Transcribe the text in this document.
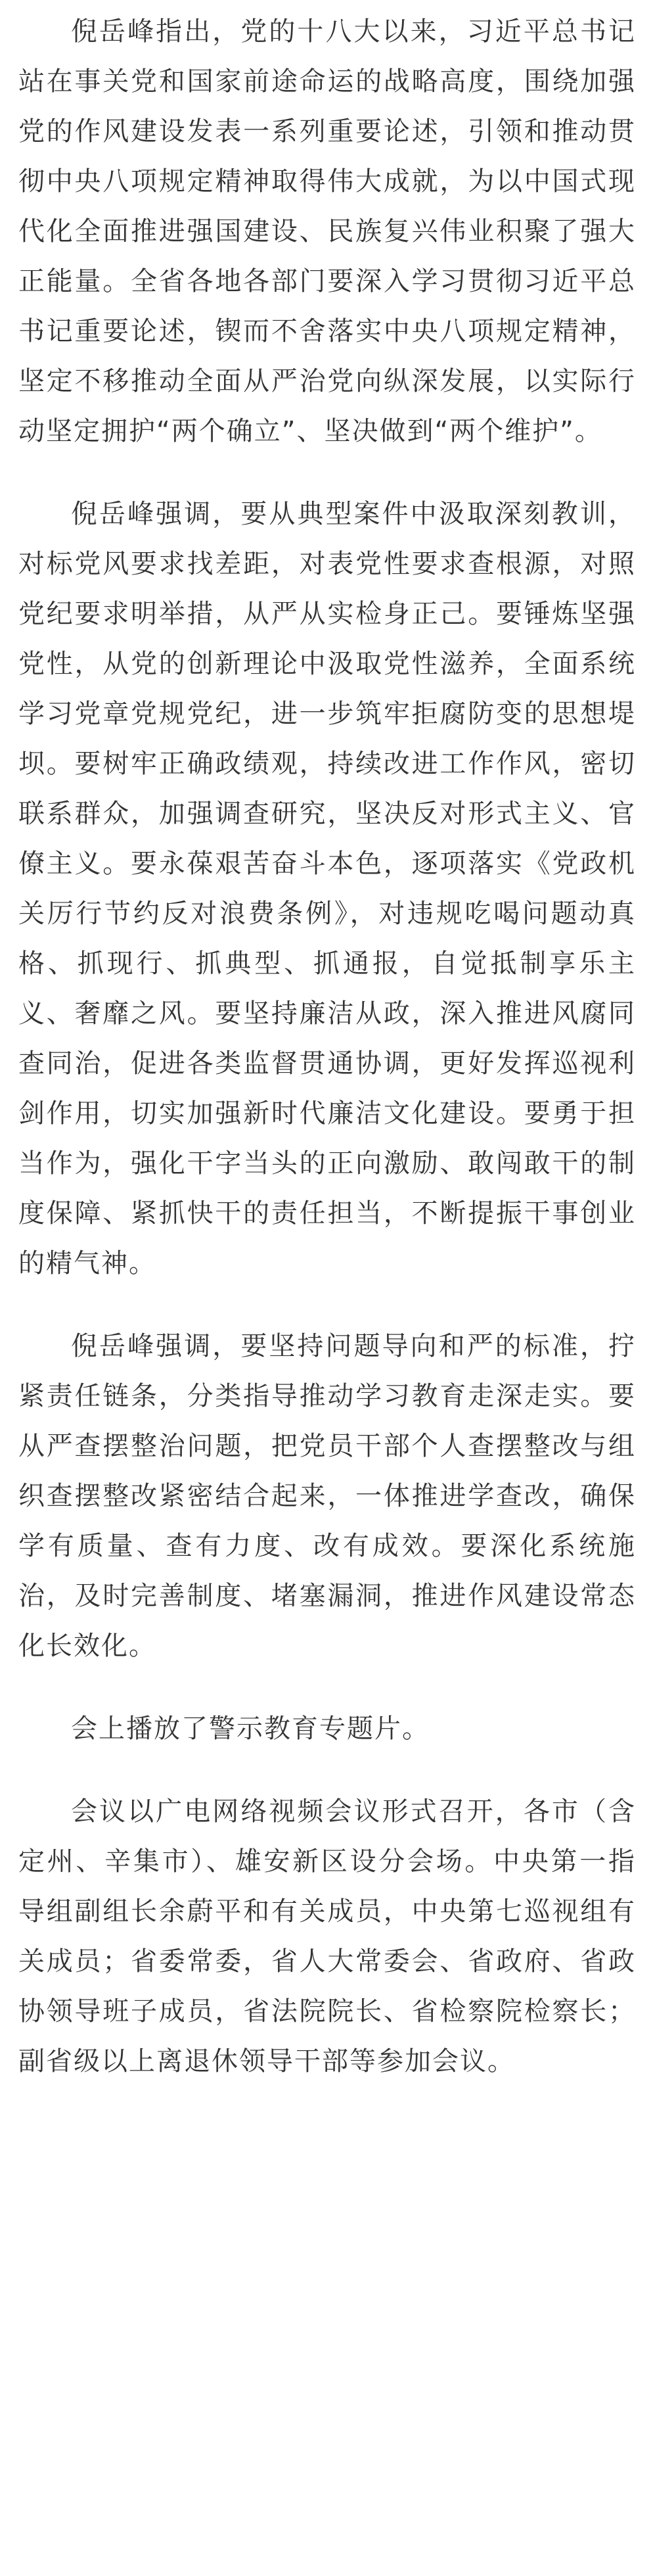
倪岳峰指出，党的十八大以来，习近平总书记站在事关党和国家前途命运的战略高度，围绕加强党的作风建设发表一系列重要论述，引领和推动贯彻中央八项规定精神取得伟大成就，为以中国式现代化全面推进强国建设、民族复兴伟业积聚了强大正能量。全省各地各部门要深入学习贯彻习近平总书记重要论述，锲而不舍落实中央八项规定精神，坚定不移推动全面从严治党向纵深发展，以实际行动坚定拥护“两个确立”、坚决做到“两个维护”。

倪岳峰强调，要从典型案件中汲取深刻教训，对标党风要求找差距，对表党性要求查根源，对照党纪要求明举措，从严从实检身正己。要锤炼坚强党性，从党的创新理论中汲取党性滋养，全面系统学习党章党规党纪，进一步筑牢拒腐防变的思想堤坝。要树牢正确政绩观，持续改进工作作风，密切联系群众，加强调查研究，坚决反对形式主义、官僚主义。要永葆艰苦奋斗本色，逐项落实《党政机关厉行节约反对浪费条例》，对违规吃喝问题动真格、抓现行、抓典型、抓通报，自觉抵制享乐主义、奢靡之风。要坚持廉洁从政，深入推进风腐同查同治，促进各类监督贯通协调，更好发挥巡视利剑作用，切实加强新时代廉洁文化建设。要勇于担当作为，强化干字当头的正向激励、敢闯敢干的制度保障、紧抓快干的责任担当，不断提振干事创业的精气神。

倪岳峰强调，要坚持问题导向和严的标准，拧紧责任链条，分类指导推动学习教育走深走实。要从严查摆整治问题，把党员干部个人查摆整改与组织查摆整改紧密结合起来，一体推进学查改，确保学有质量、查有力度、改有成效。要深化系统施治，及时完善制度、堵塞漏洞，推进作风建设常态化长效化。

会上播放了警示教育专题片。

会议以广电网络视频会议形式召开，各市（含定州、辛集市）、雄安新区设分会场。中央第一指导组副组长余蔚平和有关成员，中央第七巡视组有关成员；省委常委，省人大常委会、省政府、省政协领导班子成员，省法院院长、省检察院检察长；副省级以上离退休领导干部等参加会议。
